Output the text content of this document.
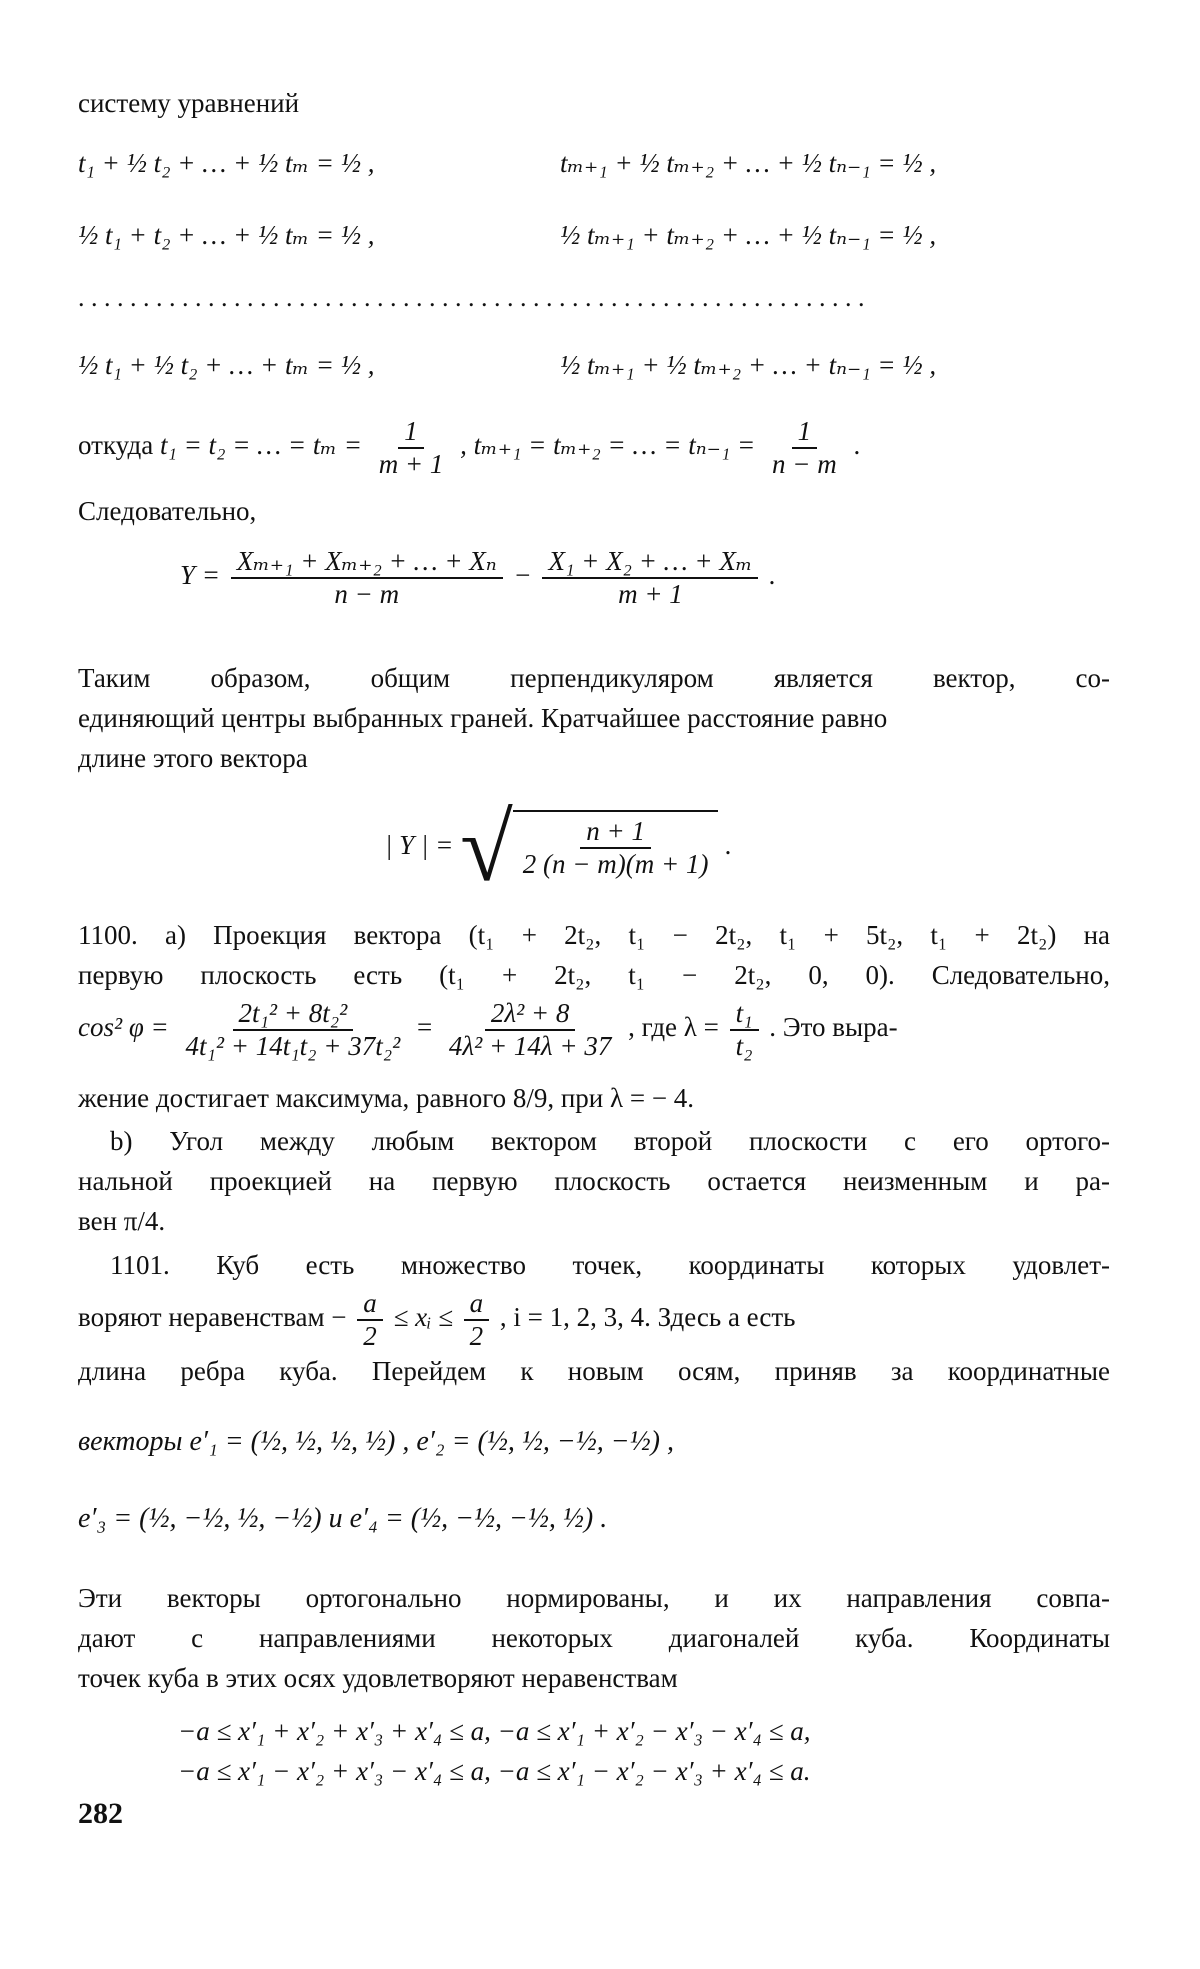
систему уравнений
t₁ + ½ t₂ + … + ½ tₘ = ½ ,	tₘ₊₁ + ½ tₘ₊₂ + … + ½ tₙ₋₁ = ½ ,
½ t₁ + t₂ + … + ½ tₘ = ½ ,	½ tₘ₊₁ + tₘ₊₂ + … + ½ tₙ₋₁ = ½ ,
. . . . . . . . . . . . . . . . . . . . . . . . . . . . . . . . . . . . . . . . . . . . . . . . . . . . . . . . . . . . .
½ t₁ + ½ t₂ + … + tₘ = ½ ,	½ tₘ₊₁ + ½ tₘ₊₂ + … + tₙ₋₁ = ½ ,
откуда t₁ = t₂ = … = $t_m = \frac{1}{m + 1}$ , tₘ₊₁ = tₘ₊₂ = … = $t_{n-1} = \frac{1}{n - m}$ .
Следовательно,
$Y = \frac{\text{Xₘ₊₁ + Xₘ₊₂ + … + Xₙ}}{n - m} - \frac{\text{X₁ + X₂ + … + Xₘ}}{m + 1}$ .
Таким образом, общим перпендикуляром является вектор, со-
единяющий центры выбранных граней. Кратчайшее расстояние равно
длине этого вектора
| Y | = √ $\frac{n + 1}{2 (n - m)(m + 1)}$ .
1100. а) Проекция вектора (t₁ + 2t₂, t₁ − 2t₂, t₁ + 5t₂, t₁ + 2t₂) на
первую плоскость есть (t₁ + 2t₂, t₁ − 2t₂, 0, 0). Следовательно,
cos² $\varphi = \frac{\text{2t₁² + 8t₂²}}{\text{4t₁² + 14t₁t₂ + 37t₂²}} = \frac{\text{2λ² + 8}}{\text{4λ² + 14λ + 37}}$ , где $\lambda = \frac{\text{t₁}}{\text{t₂}}$ . Это выра-
жение достигает максимума, равного 8/9, при λ = − 4.
b) Угол между любым вектором второй плоскости с его ортого-
нальной проекцией на первую плоскость остается неизменным и ра-
вен π/4.
1101. Куб есть множество точек, координаты которых удовлет-
воряют неравенствам − $\frac{a}{2}$ ≤ xᵢ ≤ $\frac{a}{2}$ , i = 1, 2, 3, 4. Здесь a есть
длина ребра куба. Перейдем к новым осям, приняв за координатные
векторы e′₁ = (½, ½, ½, ½) , e′₂ = (½, ½, −½, −½) ,
e′₃ = (½, −½, ½, −½) и e′₄ = (½, −½, −½, ½) .
Эти векторы ортогонально нормированы, и их направления совпа-
дают с направлениями некоторых диагоналей куба. Координаты
точек куба в этих осях удовлетворяют неравенствам
−a ≤ x′₁ + x′₂ + x′₃ + x′₄ ≤ a, −a ≤ x′₁ + x′₂ − x′₃ − x′₄ ≤ a,
−a ≤ x′₁ − x′₂ + x′₃ − x′₄ ≤ a, −a ≤ x′₁ − x′₂ − x′₃ + x′₄ ≤ a.
282
